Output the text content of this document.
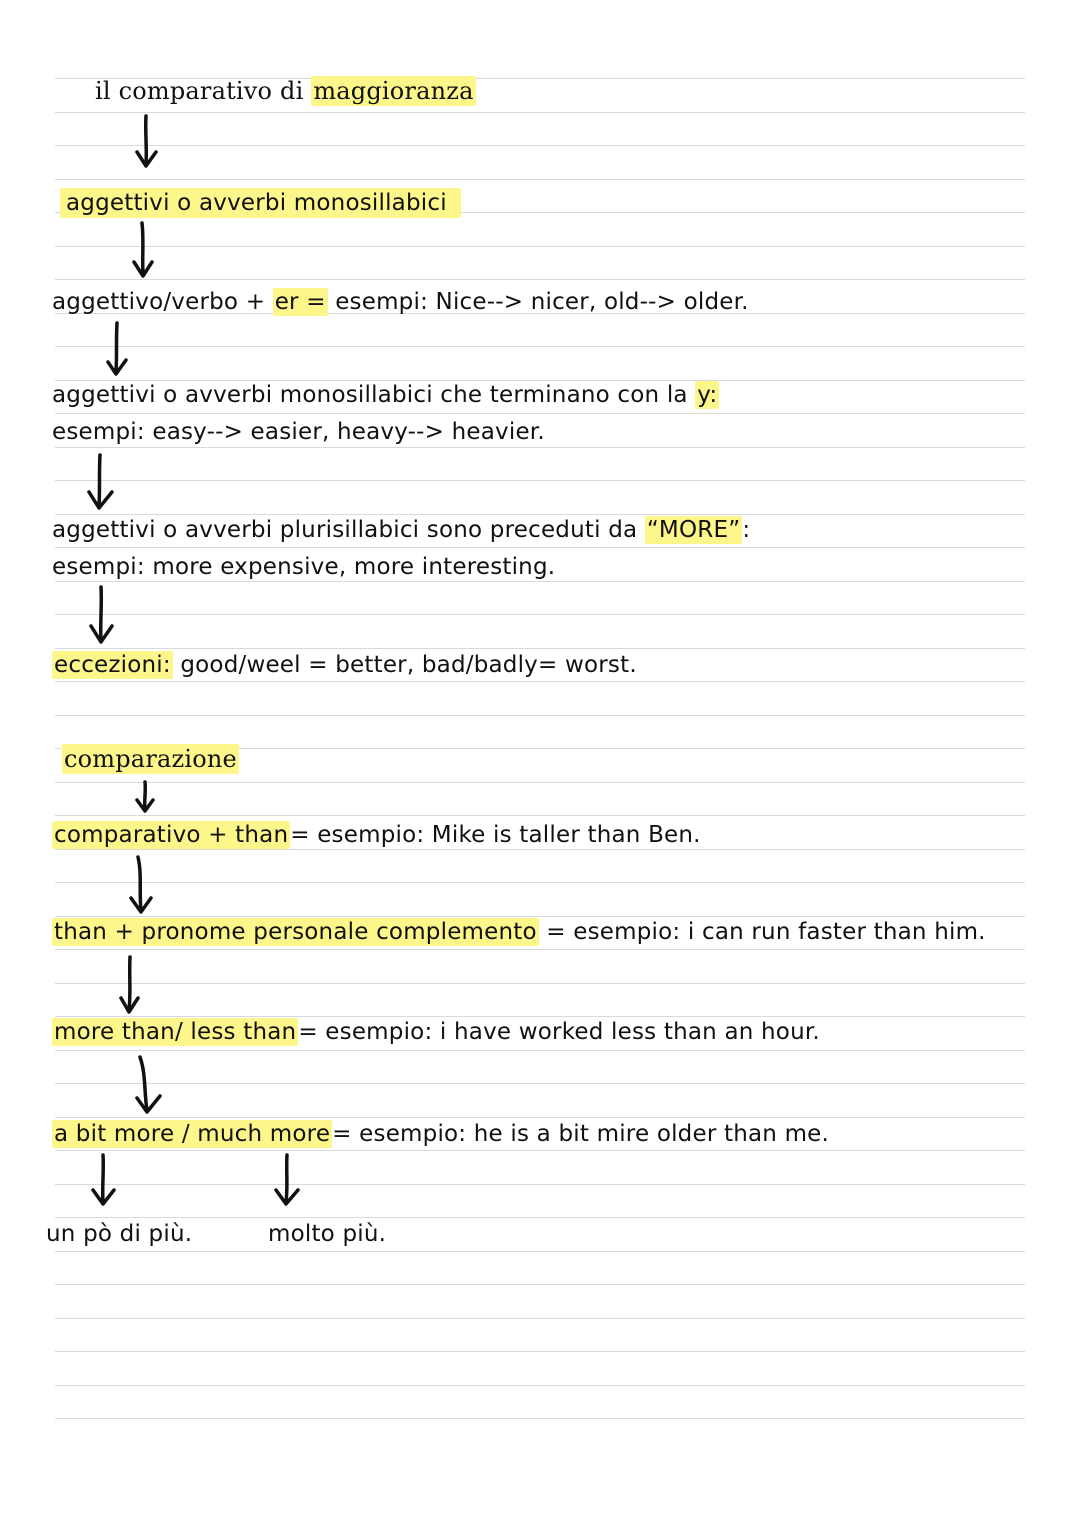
il comparativo di maggioranza
aggettivi o avverbi monosillabici
aggettivo/verbo + er = esempi: Nice--> nicer, old--> older.
aggettivi o avverbi monosillabici che terminano con la y:
esempi: easy--> easier, heavy--> heavier.
aggettivi o avverbi plurisillabici sono preceduti da “MORE”:
esempi: more expensive, more interesting.
eccezioni: good/weel = better, bad/badly= worst.
comparazione
comparativo + than= esempio: Mike is taller than Ben.
than + pronome personale complemento = esempio: i can run faster than him.
more than/ less than= esempio: i have worked less than an hour.
a bit more / much more= esempio: he is a bit mire older than me.
un pò di più.	molto più.
